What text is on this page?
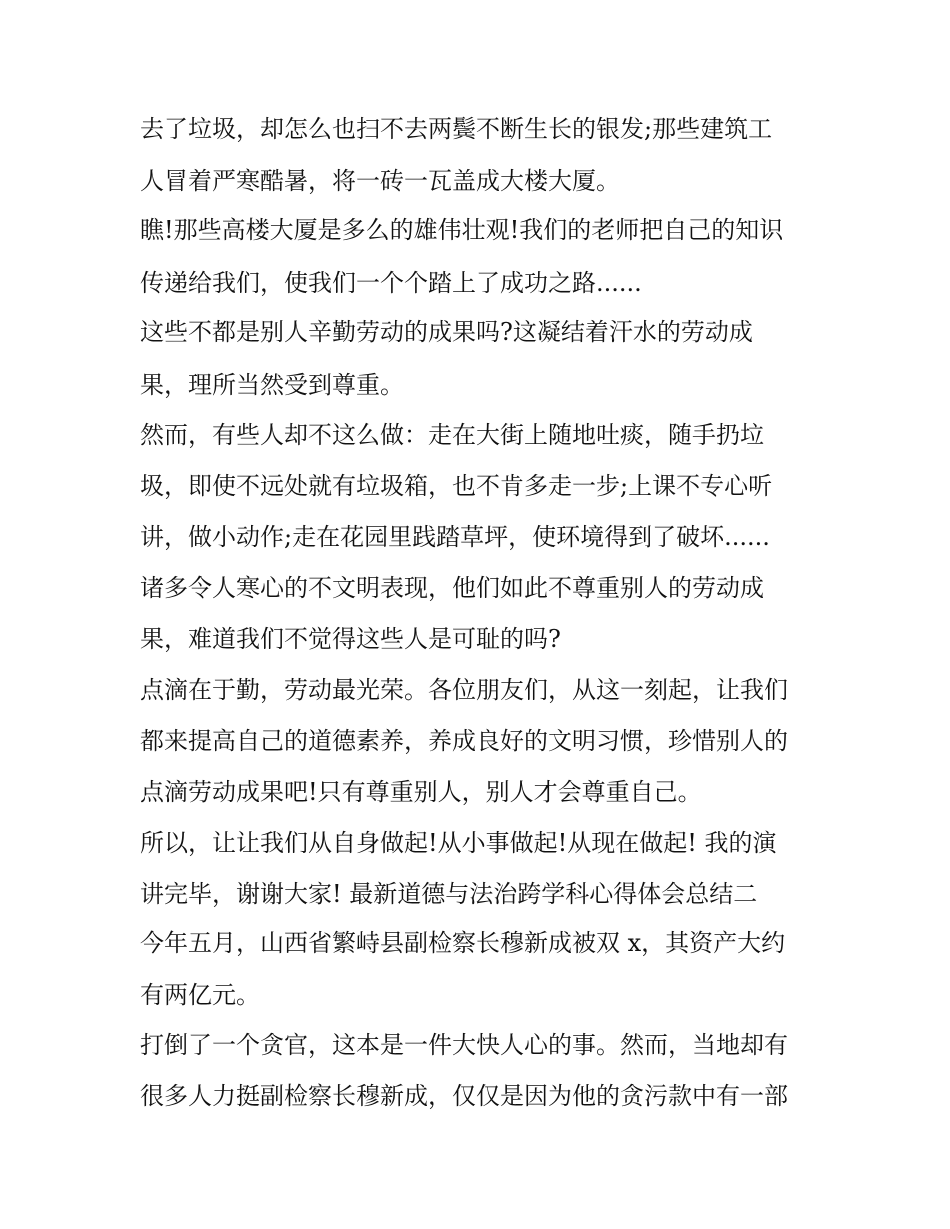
去了垃圾，却怎么也扫不去两鬓不断生长的银发;那些建筑工
人冒着严寒酷暑，将一砖一瓦盖成大楼大厦。
瞧!那些高楼大厦是多么的雄伟壮观!我们的老师把自己的知识
传递给我们，使我们一个个踏上了成功之路......
这些不都是别人辛勤劳动的成果吗?这凝结着汗水的劳动成
果，理所当然受到尊重。
然而，有些人却不这么做：走在大街上随地吐痰，随手扔垃
圾，即使不远处就有垃圾箱，也不肯多走一步;上课不专心听
讲，做小动作;走在花园里践踏草坪，使环境得到了破坏......
诸多令人寒心的不文明表现，他们如此不尊重别人的劳动成
果，难道我们不觉得这些人是可耻的吗?
点滴在于勤，劳动最光荣。各位朋友们，从这一刻起，让我们
都来提高自己的道德素养，养成良好的文明习惯，珍惜别人的
点滴劳动成果吧!只有尊重别人，别人才会尊重自己。
所以，让让我们从自身做起!从小事做起!从现在做起! 我的演
讲完毕，谢谢大家! 最新道德与法治跨学科心得体会总结二
今年五月，山西省繁峙县副检察长穆新成被双 x，其资产大约
有两亿元。
打倒了一个贪官，这本是一件大快人心的事。然而，当地却有
很多人力挺副检察长穆新成，仅仅是因为他的贪污款中有一部
